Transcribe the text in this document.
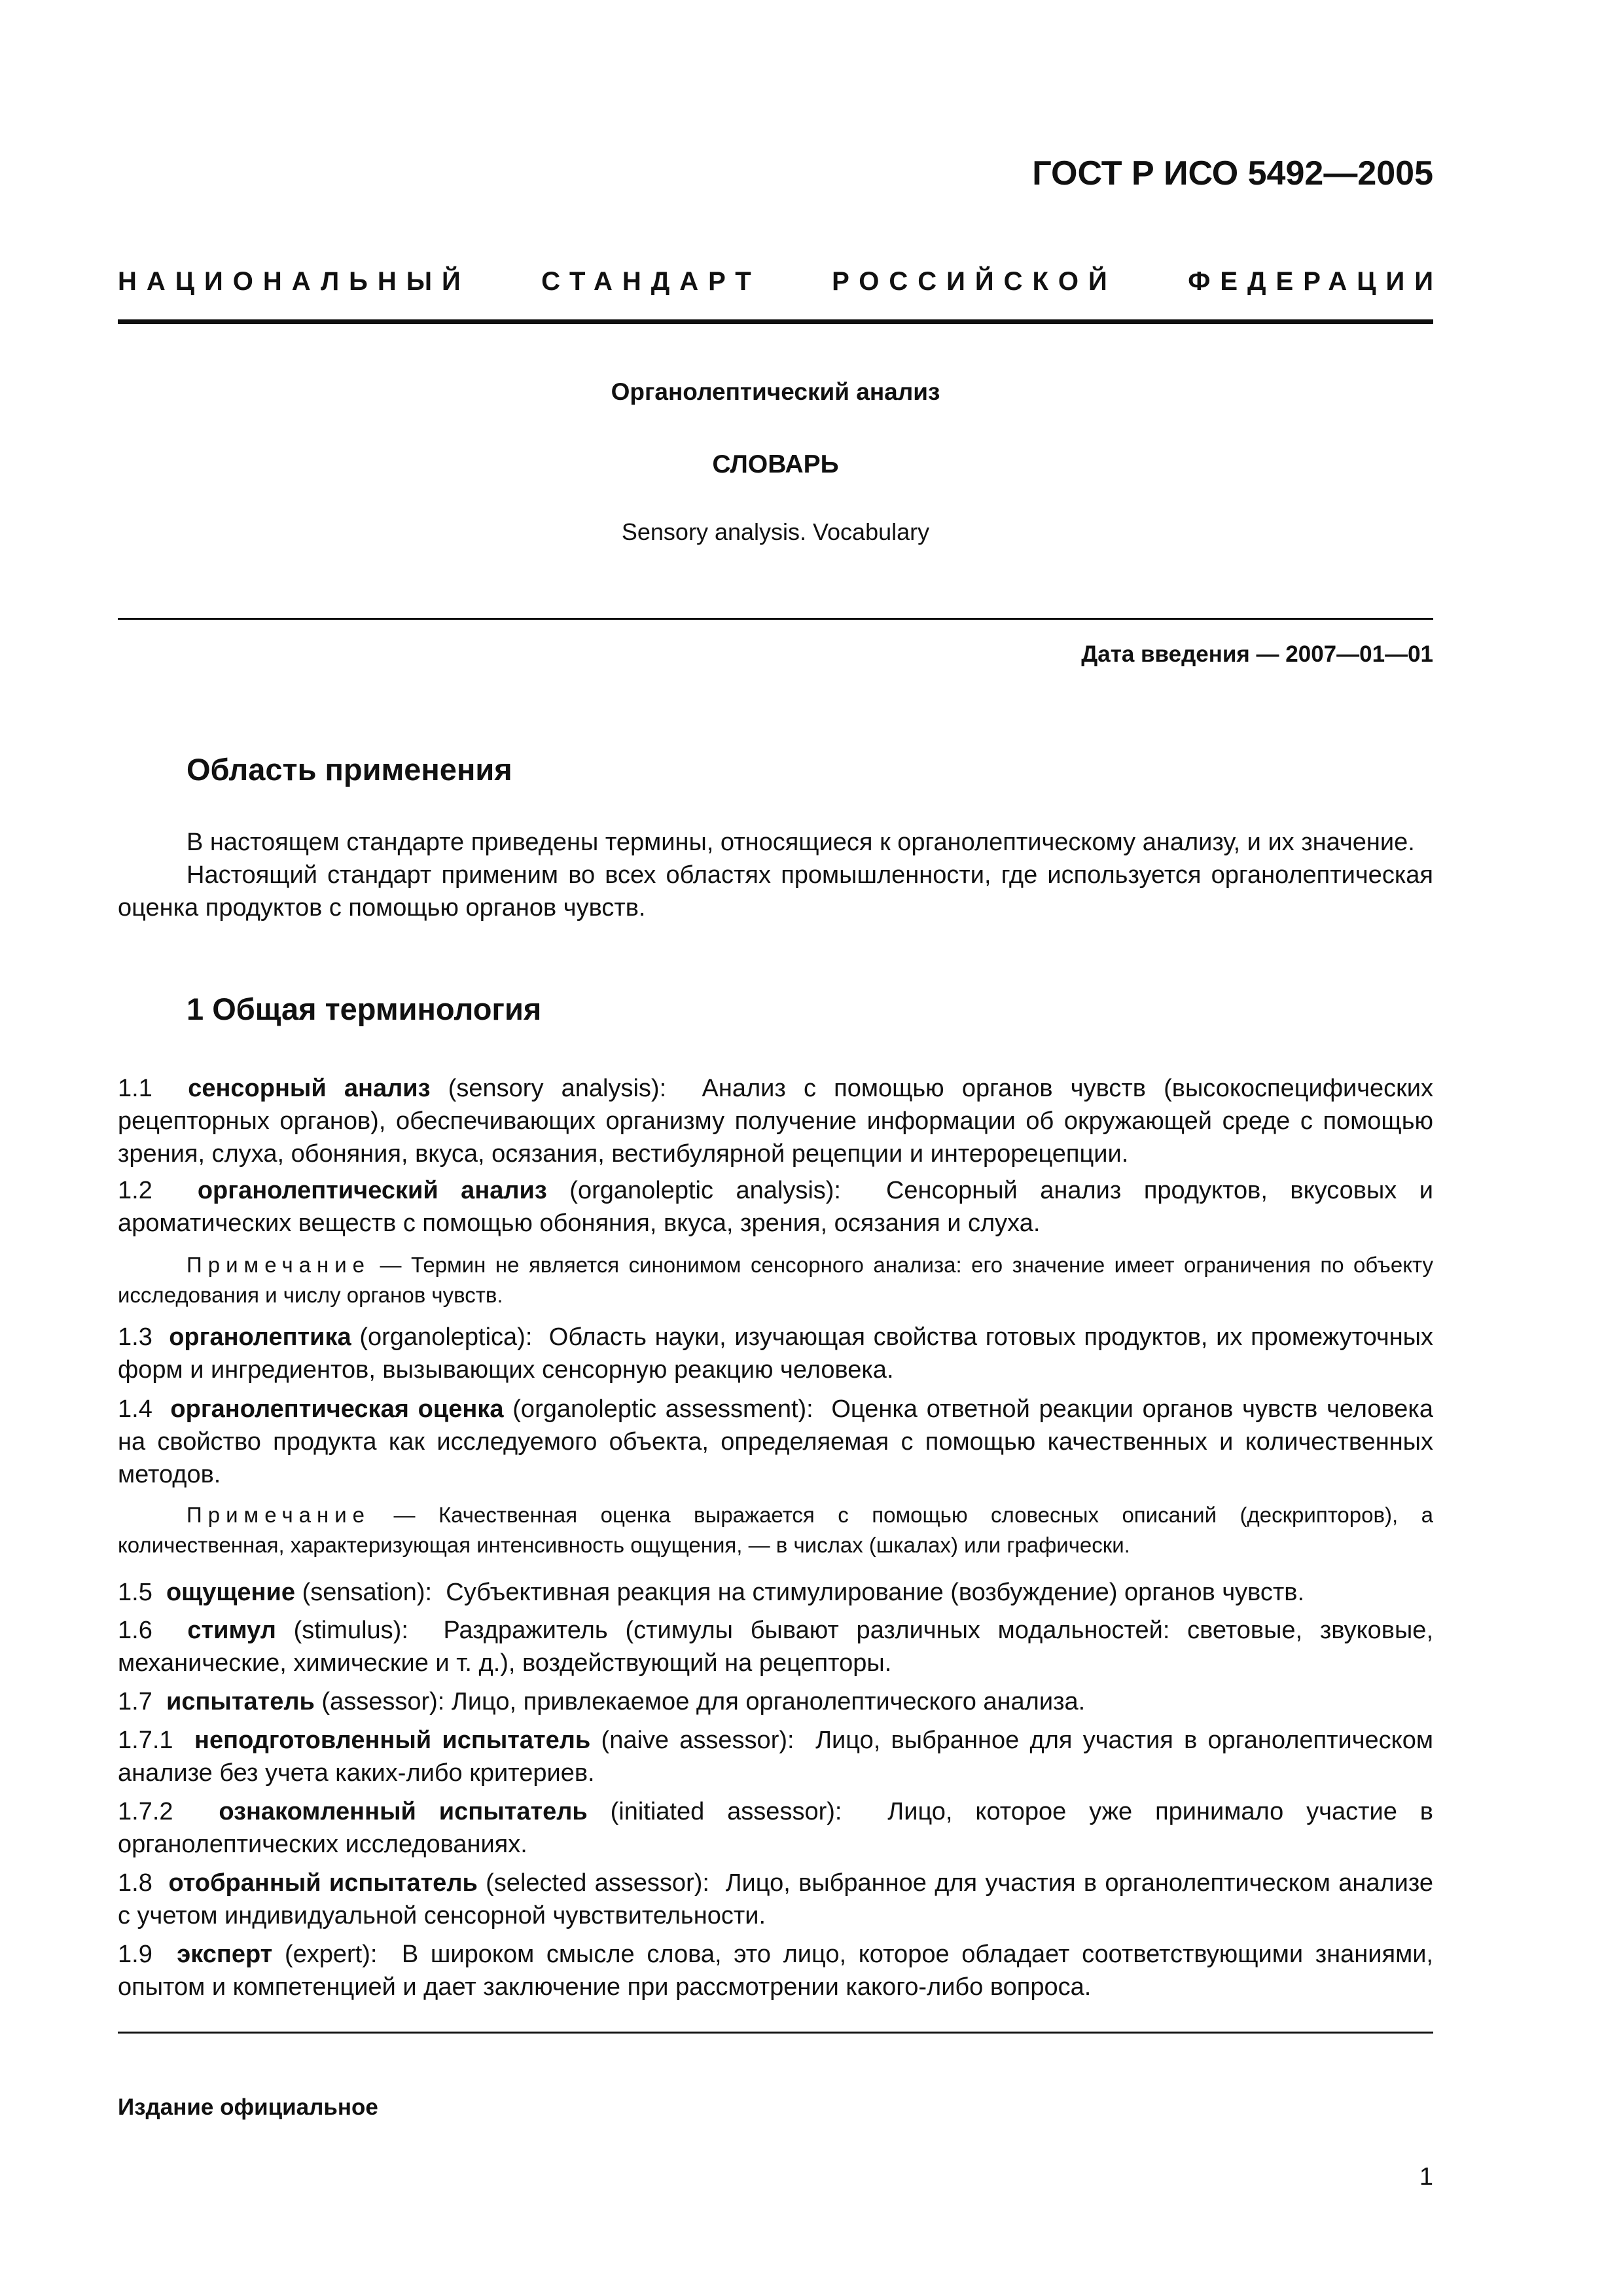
ГОСТ Р ИСО 5492—2005
НАЦИОНАЛЬНЫЙ	СТАНДАРТ	РОССИЙСКОЙ	ФЕДЕРАЦИИ
Органолептический анализ
СЛОВАРЬ
Sensory analysis. Vocabulary
Дата введения — 2007—01—01
Область применения

В настоящем стандарте приведены термины, относящиеся к органолептическому анализу, и их значение.

Настоящий стандарт применим во всех областях промышленности, где используется органолептическая оценка продуктов с помощью органов чувств.

1 Общая терминология

1.1 сенсорный анализ (sensory analysis): Анализ с помощью органов чувств (высокоспецифических рецепторных органов), обеспечивающих организму получение информации об окружающей среде с помощью зрения, слуха, обоняния, вкуса, осязания, вестибулярной рецепции и интерорецепции.

1.2 органолептический анализ (organoleptic analysis): Сенсорный анализ продуктов, вкусовых и ароматических веществ с помощью обоняния, вкуса, зрения, осязания и слуха.

Примечание — Термин не является синонимом сенсорного анализа: его значение имеет ограничения по объекту исследования и числу органов чувств.

1.3 органолептика (organoleptica): Область науки, изучающая свойства готовых продуктов, их промежуточных форм и ингредиентов, вызывающих сенсорную реакцию человека.

1.4 органолептическая оценка (organoleptic assessment): Оценка ответной реакции органов чувств человека на свойство продукта как исследуемого объекта, определяемая с помощью качественных и количественных методов.

Примечание — Качественная оценка выражается с помощью словесных описаний (дескрипторов), а количественная, характеризующая интенсивность ощущения, — в числах (шкалах) или графически.

1.5 ощущение (sensation): Субъективная реакция на стимулирование (возбуждение) органов чувств.

1.6 стимул (stimulus): Раздражитель (стимулы бывают различных модальностей: световые, звуковые, механические, химические и т. д.), воздействующий на рецепторы.

1.7 испытатель (assessor): Лицо, привлекаемое для органолептического анализа.

1.7.1 неподготовленный испытатель (naive assessor): Лицо, выбранное для участия в органолептическом анализе без учета каких-либо критериев.

1.7.2 ознакомленный испытатель (initiated assessor): Лицо, которое уже принимало участие в органолептических исследованиях.

1.8 отобранный испытатель (selected assessor): Лицо, выбранное для участия в органолептическом анализе с учетом индивидуальной сенсорной чувствительности.

1.9 эксперт (expert): В широком смысле слова, это лицо, которое обладает соответствующими знаниями, опытом и компетенцией и дает заключение при рассмотрении какого-либо вопроса.

Издание официальное
1
